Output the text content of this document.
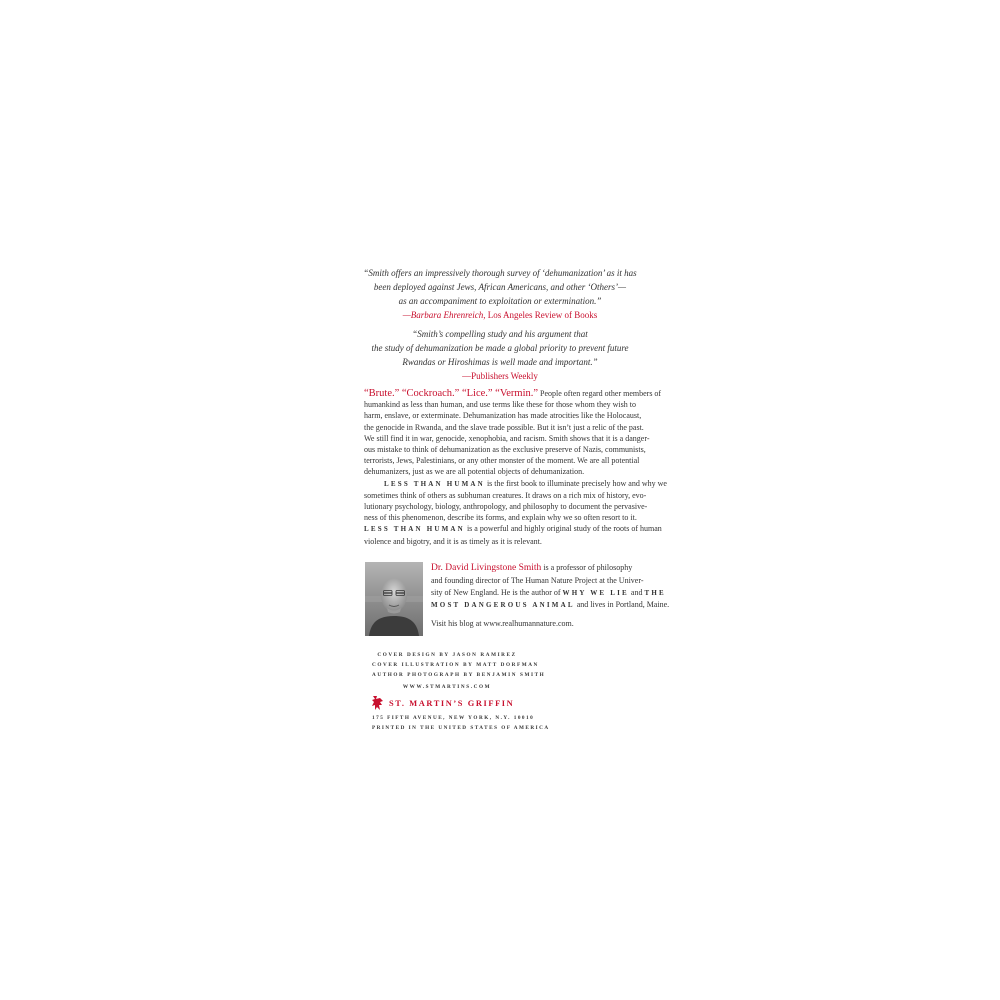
“Smith offers an impressively thorough survey of ‘dehumanization’ as it has
been deployed against Jews, African Americans, and other ‘Others’—
as an accompaniment to exploitation or extermination.”
—Barbara Ehrenreich, Los Angeles Review of Books
“Smith’s compelling study and his argument that
the study of dehumanization be made a global priority to prevent future
Rwandas or Hiroshimas is well made and important.”
—Publishers Weekly
“Brute.” “Cockroach.” “Lice.” “Vermin.” People often regard other members of
humankind as less than human, and use terms like these for those whom they wish to
harm, enslave, or exterminate. Dehumanization has made atrocities like the Holocaust,
the genocide in Rwanda, and the slave trade possible. But it isn’t just a relic of the past.
We still find it in war, genocide, xenophobia, and racism. Smith shows that it is a danger-
ous mistake to think of dehumanization as the exclusive preserve of Nazis, communists,
terrorists, Jews, Palestinians, or any other monster of the moment. We are all potential
dehumanizers, just as we are all potential objects of dehumanization.
LESS THAN HUMAN is the first book to illuminate precisely how and why we
sometimes think of others as subhuman creatures. It draws on a rich mix of history, evo-
lutionary psychology, biology, anthropology, and philosophy to document the pervasive-
ness of this phenomenon, describe its forms, and explain why we so often resort to it.
LESS THAN HUMAN is a powerful and highly original study of the roots of human
violence and bigotry, and it is as timely as it is relevant.
Dr. David Livingstone Smith is a professor of philosophy
and founding director of The Human Nature Project at the Univer-
sity of New England. He is the author of WHY WE LIE and THE
MOST DANGEROUS ANIMAL and lives in Portland, Maine.
Visit his blog at www.realhumannature.com.
COVER DESIGN BY JASON RAMIREZ
COVER ILLUSTRATION BY MATT DORFMAN
AUTHOR PHOTOGRAPH BY BENJAMIN SMITH
WWW.STMARTINS.COM
ST. MARTIN’S GRIFFIN
175 FIFTH AVENUE, NEW YORK, N.Y. 10010
PRINTED IN THE UNITED STATES OF AMERICA
